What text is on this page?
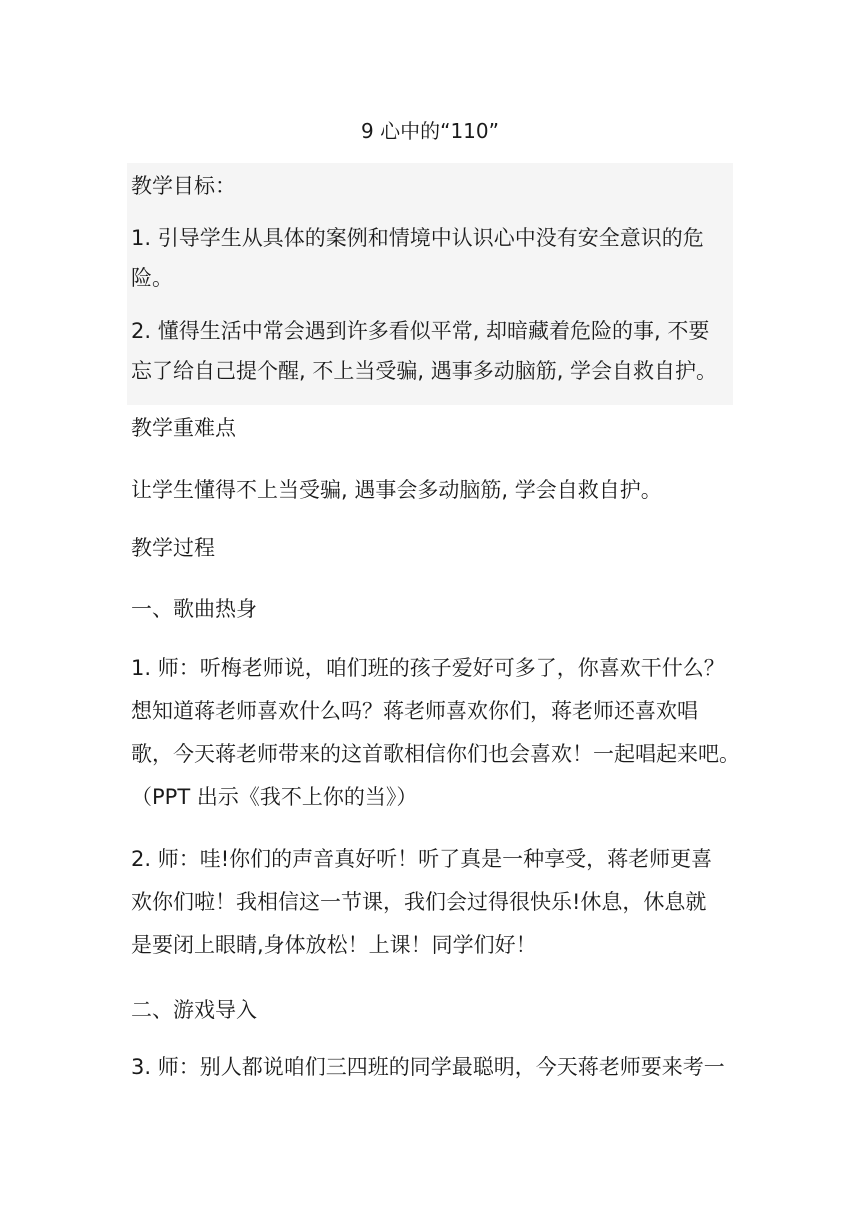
9 心中的“110”
教学目标：
1. 引导学生从具体的案例和情境中认识心中没有安全意识的危
险。
2. 懂得生活中常会遇到许多看似平常, 却暗藏着危险的事, 不要
忘了给自己提个醒, 不上当受骗, 遇事多动脑筋, 学会自救自护。
教学重难点
让学生懂得不上当受骗, 遇事会多动脑筋, 学会自救自护。
教学过程
一、歌曲热身
1. 师：听梅老师说，咱们班的孩子爱好可多了，你喜欢干什么？
想知道蒋老师喜欢什么吗？蒋老师喜欢你们，蒋老师还喜欢唱
歌，今天蒋老师带来的这首歌相信你们也会喜欢！一起唱起来吧。
（PPT 出示《我不上你的当》）
2. 师：哇!你们的声音真好听！听了真是一种享受，蒋老师更喜
欢你们啦！我相信这一节课，我们会过得很快乐!休息，休息就
是要闭上眼睛,身体放松！上课！同学们好！
二、游戏导入
3. 师：别人都说咱们三四班的同学最聪明，今天蒋老师要来考一
